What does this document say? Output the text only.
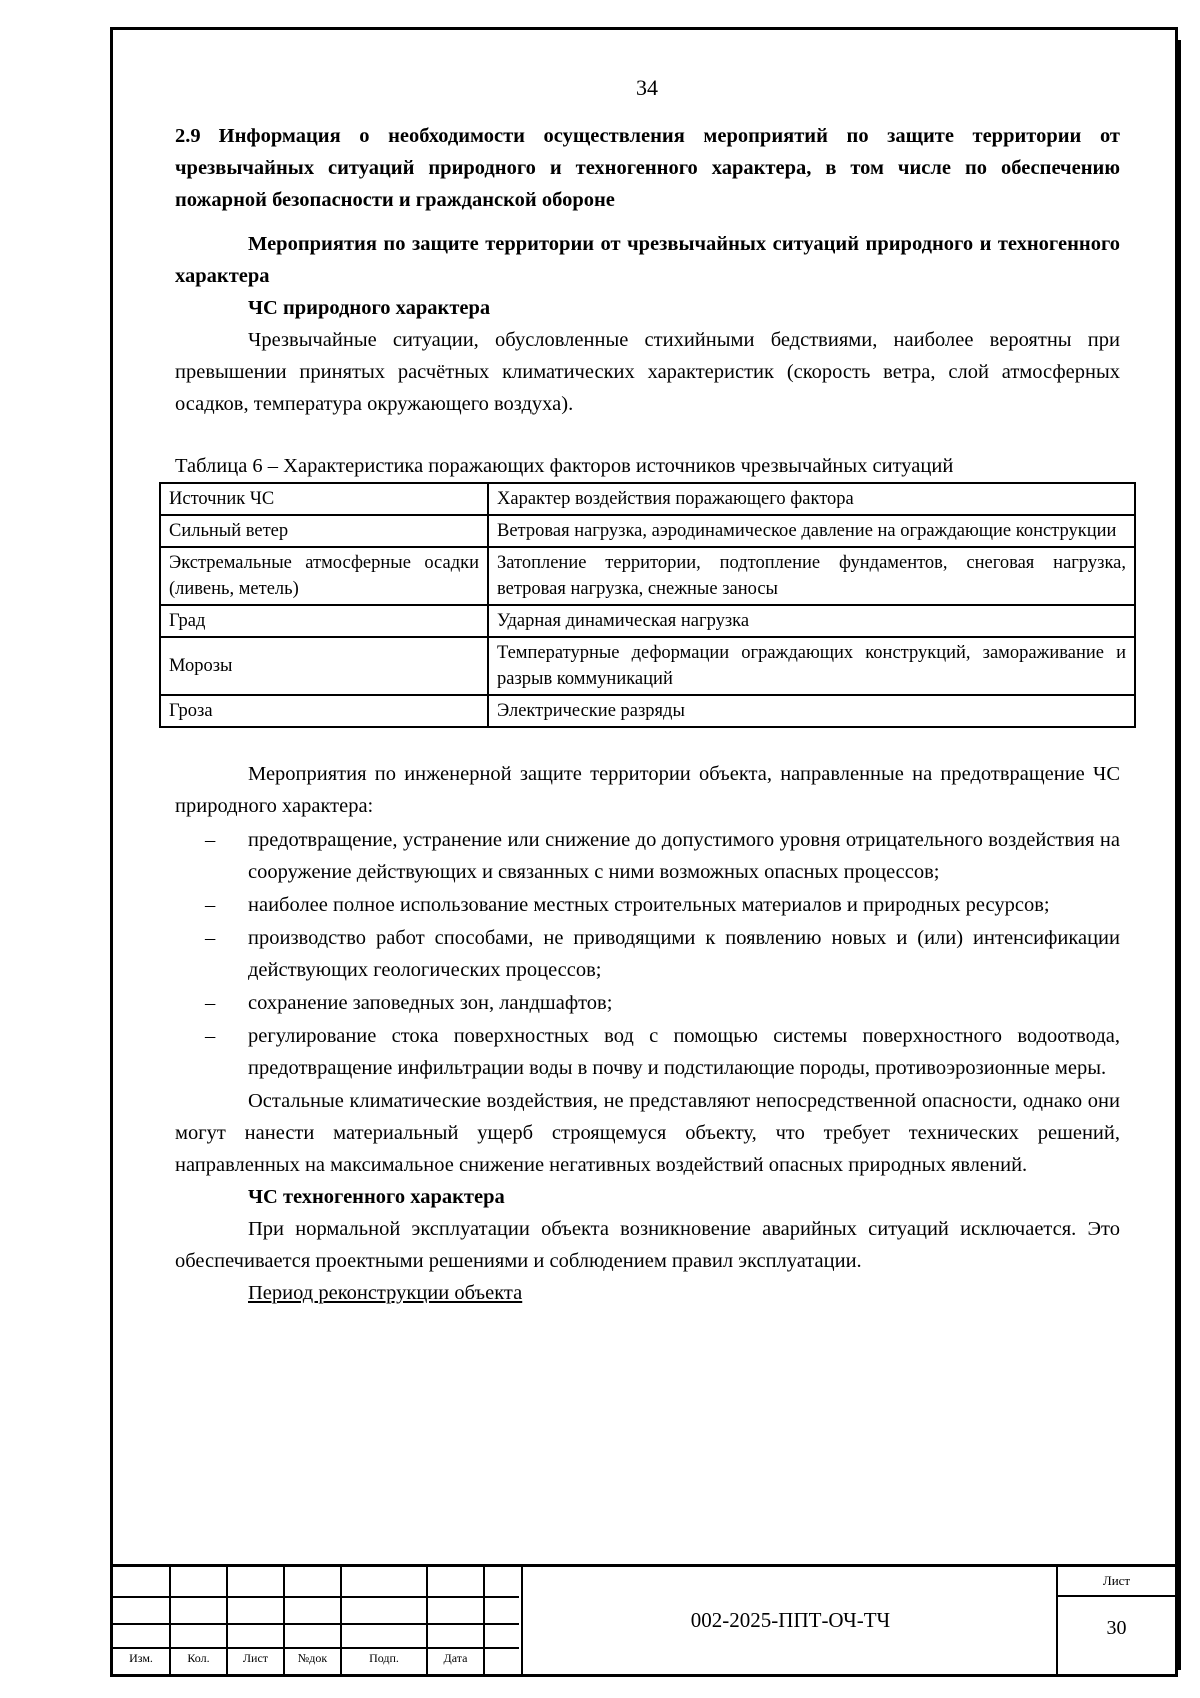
34

2.9 Информация о необходимости осуществления мероприятий по защите территории от чрезвычайных ситуаций природного и техногенного характера, в том числе по обеспечению пожарной безопасности и гражданской обороне

Мероприятия по защите территории от чрезвычайных ситуаций природного и техногенного характера

ЧС природного характера

Чрезвычайные ситуации, обусловленные стихийными бедствиями, наиболее вероятны при превышении принятых расчётных климатических характеристик (скорость ветра, слой атмосферных осадков, температура окружающего воздуха).

Таблица 6 – Характеристика поражающих факторов источников чрезвычайных ситуаций

Источник ЧС	Характер воздействия поражающего фактора
Сильный ветер	Ветровая нагрузка, аэродинамическое давление на ограждающие конструкции
Экстремальные атмосферные осадки (ливень, метель)	Затопление территории, подтопление фундаментов, снеговая нагрузка, ветровая нагрузка, снежные заносы
Град	Ударная динамическая нагрузка
Морозы	Температурные деформации ограждающих конструкций, замораживание и разрыв коммуникаций
Гроза	Электрические разряды

Мероприятия по инженерной защите территории объекта, направленные на предотвращение ЧС природного характера:

– предотвращение, устранение или снижение до допустимого уровня отрицательного воздействия на сооружение действующих и связанных с ними возможных опасных процессов;
– наиболее полное использование местных строительных материалов и природных ресурсов;
– производство работ способами, не приводящими к появлению новых и (или) интенсификации действующих геологических процессов;
– сохранение заповедных зон, ландшафтов;
– регулирование стока поверхностных вод с помощью системы поверхностного водоотвода, предотвращение инфильтрации воды в почву и подстилающие породы, противоэрозионные меры.

Остальные климатические воздействия, не представляют непосредственной опасности, однако они могут нанести материальный ущерб строящемуся объекту, что требует технических решений, направленных на максимальное снижение негативных воздействий опасных природных явлений.

ЧС техногенного характера

При нормальной эксплуатации объекта возникновение аварийных ситуаций исключается. Это обеспечивается проектными решениями и соблюдением правил эксплуатации.

Период реконструкции объекта

Изм.	Кол.	Лист	№док	Подп.	Дата
002-2025-ППТ-ОЧ-ТЧ
Лист
30
